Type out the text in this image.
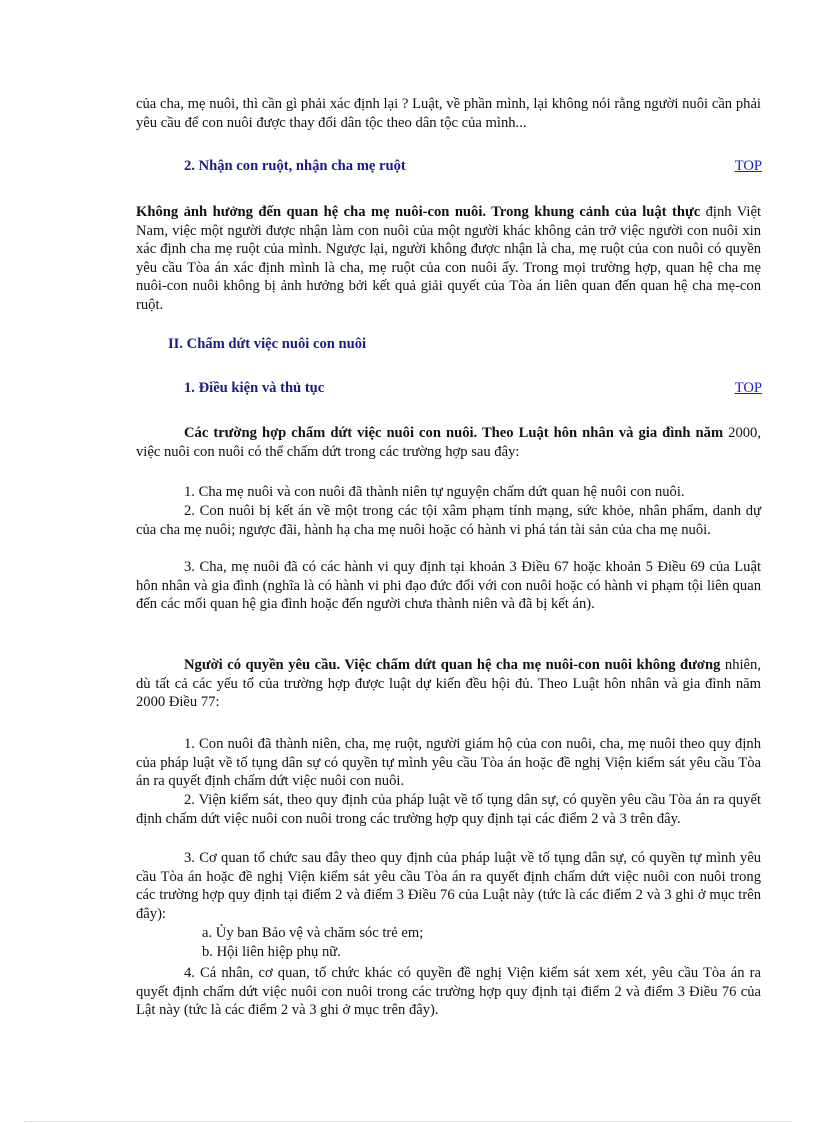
của cha, mẹ nuôi, thì cần gì phải xác định lại ? Luật, về phần mình, lại không nói rằng người nuôi cần phải yêu cầu để con nuôi được thay đổi dân tộc theo dân tộc của mình...

2. Nhận con ruột, nhận cha mẹ ruột	TOP

Không ảnh hưởng đến quan hệ cha mẹ nuôi-con nuôi. Trong khung cảnh của luật thực định Việt Nam, việc một người được nhận làm con nuôi của một người khác không cản trở việc người con nuôi xin xác định cha mẹ ruột của mình. Ngược lại, người không được nhận là cha, mẹ ruột của con nuôi có quyền yêu cầu Tòa án xác định mình là cha, mẹ ruột của con nuôi ấy. Trong mọi trường hợp, quan hệ cha mẹ nuôi-con nuôi không bị ảnh hưởng bởi kết quả giải quyết của Tòa án liên quan đến quan hệ cha mẹ-con ruột.

II. Chấm dứt việc nuôi con nuôi

1. Điều kiện và thủ tục	TOP

Các trường hợp chấm dứt việc nuôi con nuôi. Theo Luật hôn nhân và gia đình năm 2000, việc nuôi con nuôi có thể chấm dứt trong các trường hợp sau đây:

1. Cha mẹ nuôi và con nuôi đã thành niên tự nguyện chấm dứt quan hệ nuôi con nuôi.

2. Con nuôi bị kết án về một trong các tội xâm phạm tính mạng, sức khỏe, nhân phẩm, danh dự của cha mẹ nuôi; ngược đãi, hành hạ cha mẹ nuôi hoặc có hành vi phá tán tài sản của cha mẹ nuôi.

3. Cha, mẹ nuôi đã có các hành vi quy định tại khoản 3 Điều 67 hoặc khoản 5 Điều 69 của Luật hôn nhân và gia đình (nghĩa là có hành vi phi đạo đức đối với con nuôi hoặc có hành vi phạm tội liên quan đến các mối quan hệ gia đình hoặc đến người chưa thành niên và đã bị kết án).

Người có quyền yêu cầu. Việc chấm dứt quan hệ cha mẹ nuôi-con nuôi không đương nhiên, dù tất cả các yếu tố của trường hợp được luật dự kiến đều hội đủ. Theo Luật hôn nhân và gia đình năm 2000 Điều 77:

1. Con nuôi đã thành niên, cha, mẹ ruột, người giám hộ của con nuôi, cha, mẹ nuôi theo quy định của pháp luật về tố tụng dân sự có quyền tự mình yêu cầu Tòa án hoặc đề nghị Viện kiểm sát yêu cầu Tòa án ra quyết định chấm dứt việc nuôi con nuôi.

2. Viện kiểm sát, theo quy định của pháp luật về tố tụng dân sự, có quyền yêu cầu Tòa án ra quyết định chấm dứt việc nuôi con nuôi trong các trường hợp quy định tại các điểm 2 và 3 trên đây.

3. Cơ quan tổ chức sau đây theo quy định của pháp luật về tố tụng dân sự, có quyền tự mình yêu cầu Tòa án hoặc đề nghị Viện kiểm sát yêu cầu Tòa án ra quyết định chấm dứt việc nuôi con nuôi trong các trường hợp quy định tại điểm 2 và điểm 3 Điều 76 của Luật này (tức là các điểm 2 và 3 ghi ở mục trên đây):

a. Ủy ban Bảo vệ và chăm sóc trẻ em;

b. Hội liên hiệp phụ nữ.

4. Cá nhân, cơ quan, tổ chức khác có quyền đề nghị Viện kiểm sát xem xét, yêu cầu Tòa án ra quyết định chấm dứt việc nuôi con nuôi trong các trường hợp quy định tại điểm 2 và điểm 3 Điều 76 của Lật này (tức là các điểm 2 và 3 ghi ở mục trên đây).
